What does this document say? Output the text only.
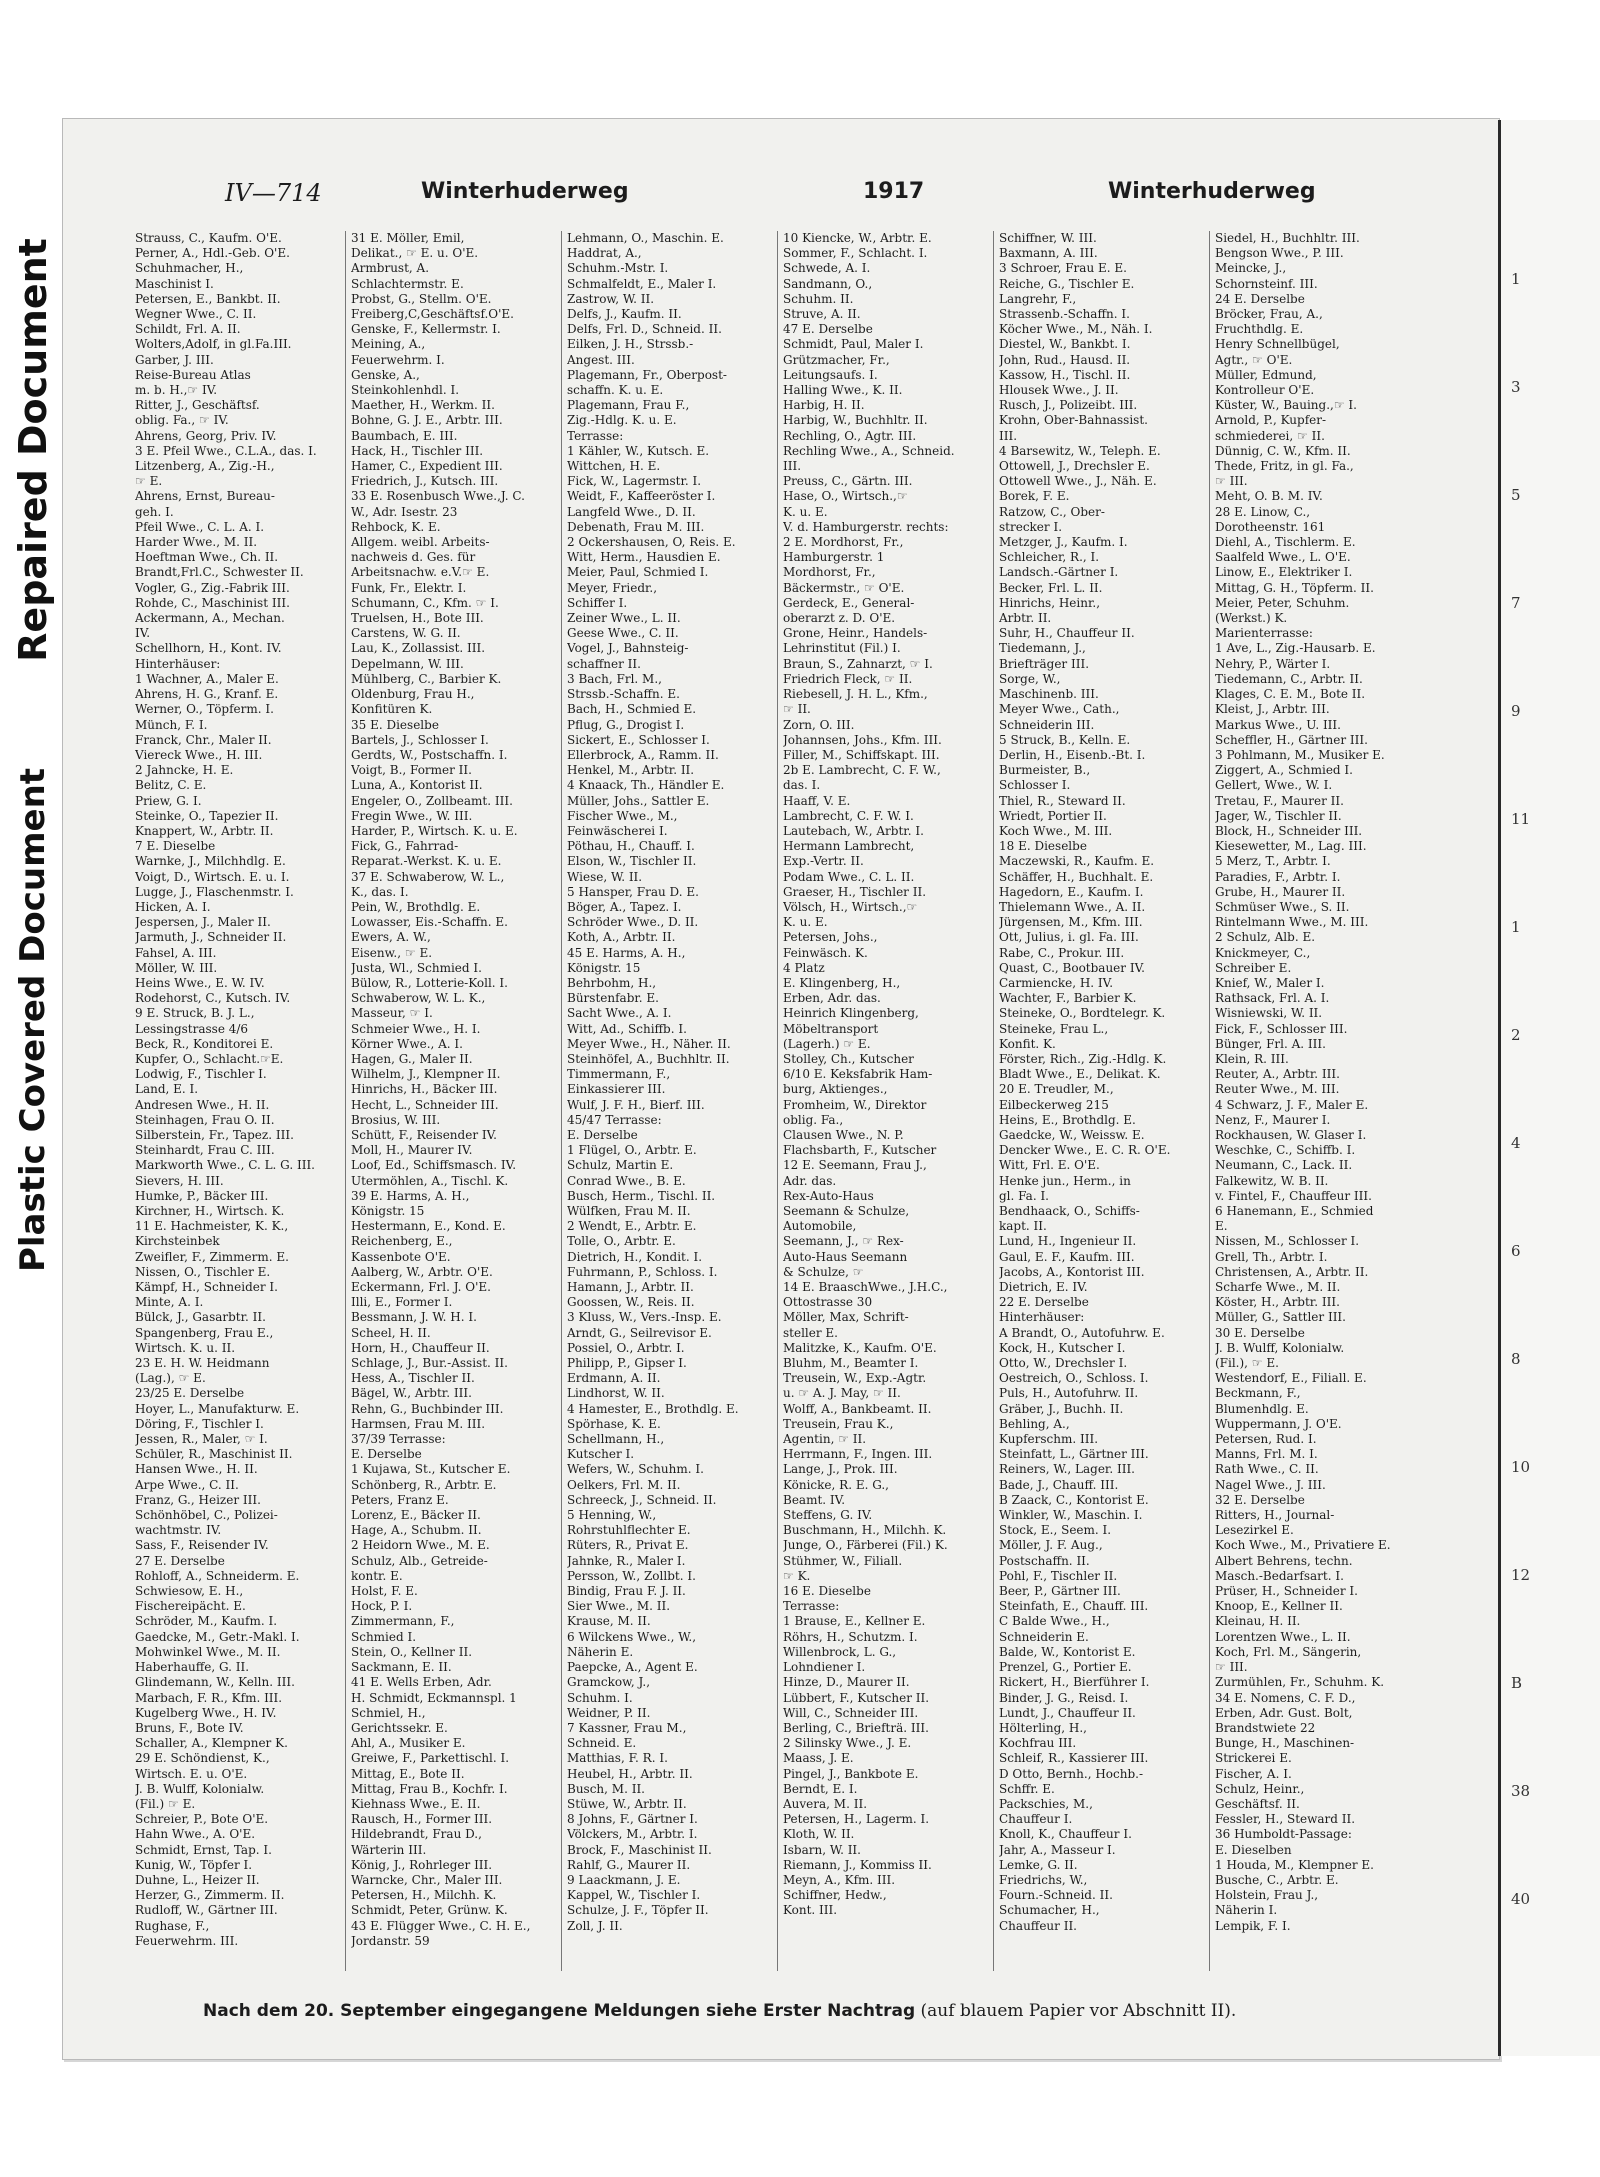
Repaired Document
Plastic Covered Document
IV—714	Winterhuderweg	1917	Winterhuderweg
Strauss, C., Kaufm. O'E.
Perner, A., Hdl.-Geb. O'E.
Schuhmacher, H.,
Maschinist I.
Petersen, E., Bankbt. II.
Wegner Wwe., C. II.
Schildt, Frl. A. II.
Wolters,Adolf, in gl.Fa.III.
Garber, J. III.
Reise-Bureau Atlas
m. b. H.,☞ IV.
Ritter, J., Geschäftsf.
oblig. Fa., ☞ IV.
Ahrens, Georg, Priv. IV.
3 E. Pfeil Wwe., C.L.A., das. I.
Litzenberg, A., Zig.-H.,
☞ E.
Ahrens, Ernst, Bureau-
geh. I.
Pfeil Wwe., C. L. A. I.
Harder Wwe., M. II.
Hoeftman Wwe., Ch. II.
Brandt,Frl.C., Schwester II.
Vogler, G., Zig.-Fabrik III.
Rohde, C., Maschinist III.
Ackermann, A., Mechan.
IV.
Schellhorn, H., Kont. IV.
Hinterhäuser:
1 Wachner, A., Maler E.
Ahrens, H. G., Kranf. E.
Werner, O., Töpferm. I.
Münch, F. I.
Franck, Chr., Maler II.
Viereck Wwe., H. III.
2 Jahncke, H. E.
Belitz, C. E.
Priew, G. I.
Steinke, O., Tapezier II.
Knappert, W., Arbtr. II.
7 E. Dieselbe
Warnke, J., Milchhdlg. E.
Voigt, D., Wirtsch. E. u. I.
Lugge, J., Flaschenmstr. I.
Hicken, A. I.
Jespersen, J., Maler II.
Jarmuth, J., Schneider II.
Fahsel, A. III.
Möller, W. III.
Heins Wwe., E. W. IV.
Rodehorst, C., Kutsch. IV.
9 E. Struck, B. J. L.,
Lessingstrasse 4/6
Beck, R., Konditorei E.
Kupfer, O., Schlacht.☞E.
Lodwig, F., Tischler I.
Land, E. I.
Andresen Wwe., H. II.
Steinhagen, Frau O. II.
Silberstein, Fr., Tapez. III.
Steinhardt, Frau C. III.
Markworth Wwe., C. L. G. III.
Sievers, H. III.
Humke, P., Bäcker III.
Kirchner, H., Wirtsch. K.
11 E. Hachmeister, K. K.,
Kirchsteinbek
Zweifler, F., Zimmerm. E.
Nissen, O., Tischler E.
Kämpf, H., Schneider I.
Minte, A. I.
Bülck, J., Gasarbtr. II.
Spangenberg, Frau E.,
Wirtsch. K. u. II.
23 E. H. W. Heidmann
(Lag.), ☞ E.
23/25 E. Derselbe
Hoyer, L., Manufakturw. E.
Döring, F., Tischler I.
Jessen, R., Maler, ☞ I.
Schüler, R., Maschinist II.
Hansen Wwe., H. II.
Arpe Wwe., C. II.
Franz, G., Heizer III.
Schönhöbel, C., Polizei-
wachtmstr. IV.
Sass, F., Reisender IV.
27 E. Derselbe
Rohloff, A., Schneiderm. E.
Schwiesow, E. H.,
Fischereipächt. E.
Schröder, M., Kaufm. I.
Gaedcke, M., Getr.-Makl. I.
Mohwinkel Wwe., M. II.
Haberhauffe, G. II.
Glindemann, W., Kelln. III.
Marbach, F. R., Kfm. III.
Kugelberg Wwe., H. IV.
Bruns, F., Bote IV.
Schaller, A., Klempner K.
29 E. Schöndienst, K.,
Wirtsch. E. u. O'E.
J. B. Wulff, Kolonialw.
(Fil.) ☞ E.
Schreier, P., Bote O'E.
Hahn Wwe., A. O'E.
Schmidt, Ernst, Tap. I.
Kunig, W., Töpfer I.
Duhne, L., Heizer II.
Herzer, G., Zimmerm. II.
Rudloff, W., Gärtner III.
Rughase, F.,
Feuerwehrm. III.
31 E. Möller, Emil,
Delikat., ☞ E. u. O'E.
Armbrust, A.
Schlachtermstr. E.
Probst, G., Stellm. O'E.
Freiberg,C,Geschäftsf.O'E.
Genske, F., Kellermstr. I.
Meining, A.,
Feuerwehrm. I.
Genske, A.,
Steinkohlenhdl. I.
Maether, H., Werkm. II.
Bohne, G. J. E., Arbtr. III.
Baumbach, E. III.
Hack, H., Tischler III.
Hamer, C., Expedient III.
Friedrich, J., Kutsch. III.
33 E. Rosenbusch Wwe.,J. C.
W., Adr. Isestr. 23
Rehbock, K. E.
Allgem. weibl. Arbeits-
nachweis d. Ges. für
Arbeitsnachw. e.V.☞ E.
Funk, Fr., Elektr. I.
Schumann, C., Kfm. ☞ I.
Truelsen, H., Bote III.
Carstens, W. G. II.
Lau, K., Zollassist. III.
Depelmann, W. III.
Mühlberg, C., Barbier K.
Oldenburg, Frau H.,
Konfitüren K.
35 E. Dieselbe
Bartels, J., Schlosser I.
Gerdts, W., Postschaffn. I.
Voigt, B., Former II.
Luna, A., Kontorist II.
Engeler, O., Zollbeamt. III.
Fregin Wwe., W. III.
Harder, P., Wirtsch. K. u. E.
Fick, G., Fahrrad-
Reparat.-Werkst. K. u. E.
37 E. Schwaberow, W. L.,
K., das. I.
Pein, W., Brothdlg. E.
Lowasser, Eis.-Schaffn. E.
Ewers, A. W.,
Eisenw., ☞ E.
Justa, Wl., Schmied I.
Bülow, R., Lotterie-Koll. I.
Schwaberow, W. L. K.,
Masseur, ☞ I.
Schmeier Wwe., H. I.
Körner Wwe., A. I.
Hagen, G., Maler II.
Wilhelm, J., Klempner II.
Hinrichs, H., Bäcker III.
Hecht, L., Schneider III.
Brosius, W. III.
Schütt, F., Reisender IV.
Moll, H., Maurer IV.
Loof, Ed., Schiffsmasch. IV.
Utermöhlen, A., Tischl. K.
39 E. Harms, A. H.,
Königstr. 15
Hestermann, E., Kond. E.
Reichenberg, E.,
Kassenbote O'E.
Aalberg, W., Arbtr. O'E.
Eckermann, Frl. J. O'E.
Illi, E., Former I.
Bessmann, J. W. H. I.
Scheel, H. II.
Horn, H., Chauffeur II.
Schlage, J., Bur.-Assist. II.
Hess, A., Tischler II.
Bägel, W., Arbtr. III.
Rehn, G., Buchbinder III.
Harmsen, Frau M. III.
37/39 Terrasse:
E. Derselbe
1 Kujawa, St., Kutscher E.
Schönberg, R., Arbtr. E.
Peters, Franz E.
Lorenz, E., Bäcker II.
Hage, A., Schubm. II.
2 Heidorn Wwe., M. E.
Schulz, Alb., Getreide-
kontr. E.
Holst, F. E.
Hock, P. I.
Zimmermann, F.,
Schmied I.
Stein, O., Kellner II.
Sackmann, E. II.
41 E. Wells Erben, Adr.
H. Schmidt, Eckmannspl. 1
Schmiel, H.,
Gerichtssekr. E.
Ahl, A., Musiker E.
Greiwe, F., Parkettischl. I.
Mittag, E., Bote II.
Mittag, Frau B., Kochfr. I.
Kiehnass Wwe., E. II.
Rausch, H., Former III.
Hildebrandt, Frau D.,
Wärterin III.
König, J., Rohrleger III.
Warncke, Chr., Maler III.
Petersen, H., Milchh. K.
Schmidt, Peter, Grünw. K.
43 E. Flügger Wwe., C. H. E.,
Jordanstr. 59
Lehmann, O., Maschin. E.
Haddrat, A.,
Schuhm.-Mstr. I.
Schmalfeldt, E., Maler I.
Zastrow, W. II.
Delfs, J., Kaufm. II.
Delfs, Frl. D., Schneid. II.
Eilken, J. H., Strssb.-
Angest. III.
Plagemann, Fr., Oberpost-
schaffn. K. u. E.
Plagemann, Frau F.,
Zig.-Hdlg. K. u. E.
Terrasse:
1 Kähler, W., Kutsch. E.
Wittchen, H. E.
Fick, W., Lagermstr. I.
Weidt, F., Kaffeeröster I.
Langfeld Wwe., D. II.
Debenath, Frau M. III.
2 Ockershausen, O, Reis. E.
Witt, Herm., Hausdien E.
Meier, Paul, Schmied I.
Meyer, Friedr.,
Schiffer I.
Zeiner Wwe., L. II.
Geese Wwe., C. II.
Vogel, J., Bahnsteig-
schaffner II.
3 Bach, Frl. M.,
Strssb.-Schaffn. E.
Bach, H., Schmied E.
Pflug, G., Drogist I.
Sickert, E., Schlosser I.
Ellerbrock, A., Ramm. II.
Henkel, M., Arbtr. II.
4 Knaack, Th., Händler E.
Müller, Johs., Sattler E.
Fischer Wwe., M.,
Feinwäscherei I.
Pöthau, H., Chauff. I.
Elson, W., Tischler II.
Wiese, W. II.
5 Hansper, Frau D. E.
Böger, A., Tapez. I.
Schröder Wwe., D. II.
Koth, A., Arbtr. II.
45 E. Harms, A. H.,
Königstr. 15
Behrbohm, H.,
Bürstenfabr. E.
Sacht Wwe., A. I.
Witt, Ad., Schiffb. I.
Meyer Wwe., H., Näher. II.
Steinhöfel, A., Buchhltr. II.
Timmermann, F.,
Einkassierer III.
Wulf, J. F. H., Bierf. III.
45/47 Terrasse:
E. Derselbe
1 Flügel, O., Arbtr. E.
Schulz, Martin E.
Conrad Wwe., B. E.
Busch, Herm., Tischl. II.
Wülfken, Frau M. II.
2 Wendt, E., Arbtr. E.
Tolle, O., Arbtr. E.
Dietrich, H., Kondit. I.
Fuhrmann, P., Schloss. I.
Hamann, J., Arbtr. II.
Goossen, W., Reis. II.
3 Kluss, W., Vers.-Insp. E.
Arndt, G., Seilrevisor E.
Possiel, O., Arbtr. I.
Philipp, P., Gipser I.
Erdmann, A. II.
Lindhorst, W. II.
4 Hamester, E., Brothdlg. E.
Spörhase, K. E.
Schellmann, H.,
Kutscher I.
Wefers, W., Schuhm. I.
Oelkers, Frl. M. II.
Schreeck, J., Schneid. II.
5 Henning, W.,
Rohrstuhlflechter E.
Rüters, R., Privat E.
Jahnke, R., Maler I.
Persson, W., Zollbt. I.
Bindig, Frau F. J. II.
Sier Wwe., M. II.
Krause, M. II.
6 Wilckens Wwe., W.,
Näherin E.
Paepcke, A., Agent E.
Gramckow, J.,
Schuhm. I.
Weidner, P. II.
7 Kassner, Frau M.,
Schneid. E.
Matthias, F. R. I.
Heubel, H., Arbtr. II.
Busch, M. II.
Stüwe, W., Arbtr. II.
8 Johns, F., Gärtner I.
Völckers, M., Arbtr. I.
Brock, F., Maschinist II.
Rahlf, G., Maurer II.
9 Laackmann, J. E.
Kappel, W., Tischler I.
Schulze, J. F., Töpfer II.
Zoll, J. II.
10 Kiencke, W., Arbtr. E.
Sommer, F., Schlacht. I.
Schwede, A. I.
Sandmann, O.,
Schuhm. II.
Struve, A. II.
47 E. Derselbe
Schmidt, Paul, Maler I.
Grützmacher, Fr.,
Leitungsaufs. I.
Halling Wwe., K. II.
Harbig, H. II.
Harbig, W., Buchhltr. II.
Rechling, O., Agtr. III.
Rechling Wwe., A., Schneid.
III.
Preuss, C., Gärtn. III.
Hase, O., Wirtsch.,☞
K. u. E.
V. d. Hamburgerstr. rechts:
2 E. Mordhorst, Fr.,
Hamburgerstr. 1
Mordhorst, Fr.,
Bäckermstr., ☞ O'E.
Gerdeck, E., General-
oberarzt z. D. O'E.
Grone, Heinr., Handels-
Lehrinstitut (Fil.) I.
Braun, S., Zahnarzt, ☞ I.
Friedrich Fleck, ☞ II.
Riebesell, J. H. L., Kfm.,
☞ II.
Zorn, O. III.
Johannsen, Johs., Kfm. III.
Filler, M., Schiffskapt. III.
2b E. Lambrecht, C. F. W.,
das. I.
Haaff, V. E.
Lambrecht, C. F. W. I.
Lautebach, W., Arbtr. I.
Hermann Lambrecht,
Exp.-Vertr. II.
Podam Wwe., C. L. II.
Graeser, H., Tischler II.
Völsch, H., Wirtsch.,☞
K. u. E.
Petersen, Johs.,
Feinwäsch. K.
4 Platz
E. Klingenberg, H.,
Erben, Adr. das.
Heinrich Klingenberg,
Möbeltransport
(Lagerh.) ☞ E.
Stolley, Ch., Kutscher
6/10 E. Keksfabrik Ham-
burg, Aktienges.,
Fromheim, W., Direktor
oblig. Fa.,
Clausen Wwe., N. P.
Flachsbarth, F., Kutscher
12 E. Seemann, Frau J.,
Adr. das.
Rex-Auto-Haus
Seemann & Schulze,
Automobile,
Seemann, J., ☞ Rex-
Auto-Haus Seemann
& Schulze, ☞
14 E. BraaschWwe., J.H.C.,
Ottostrasse 30
Möller, Max, Schrift-
steller E.
Malitzke, K., Kaufm. O'E.
Bluhm, M., Beamter I.
Treusein, W., Exp.-Agtr.
u. ☞ A. J. May, ☞ II.
Wolff, A., Bankbeamt. II.
Treusein, Frau K.,
Agentin, ☞ II.
Herrmann, F., Ingen. III.
Lange, J., Prok. III.
Könicke, R. E. G.,
Beamt. IV.
Steffens, G. IV.
Buschmann, H., Milchh. K.
Junge, O., Färberei (Fil.) K.
Stühmer, W., Filiall.
☞ K.
16 E. Dieselbe
Terrasse:
1 Brause, E., Kellner E.
Röhrs, H., Schutzm. I.
Willenbrock, L. G.,
Lohndiener I.
Hinze, D., Maurer II.
Lübbert, F., Kutscher II.
Will, C., Schneider III.
Berling, C., Briefträ. III.
2 Silinsky Wwe., J. E.
Maass, J. E.
Pingel, J., Bankbote E.
Berndt, E. I.
Auvera, M. II.
Petersen, H., Lagerm. I.
Kloth, W. II.
Isbarn, W. II.
Riemann, J., Kommiss II.
Meyn, A., Kfm. III.
Schiffner, Hedw.,
Kont. III.
Schiffner, W. III.
Baxmann, A. III.
3 Schroer, Frau E. E.
Reiche, G., Tischler E.
Langrehr, F.,
Strassenb.-Schaffn. I.
Köcher Wwe., M., Näh. I.
Diestel, W., Bankbt. I.
John, Rud., Hausd. II.
Kassow, H., Tischl. II.
Hlousek Wwe., J. II.
Rusch, J., Polizeibt. III.
Krohn, Ober-Bahnassist.
III.
4 Barsewitz, W., Teleph. E.
Ottowell, J., Drechsler E.
Ottowell Wwe., J., Näh. E.
Borek, F. E.
Ratzow, C., Ober-
strecker I.
Metzger, J., Kaufm. I.
Schleicher, R., I.
Landsch.-Gärtner I.
Becker, Frl. L. II.
Hinrichs, Heinr.,
Arbtr. II.
Suhr, H., Chauffeur II.
Tiedemann, J.,
Briefträger III.
Sorge, W.,
Maschinenb. III.
Meyer Wwe., Cath.,
Schneiderin III.
5 Struck, B., Kelln. E.
Derlin, H., Eisenb.-Bt. I.
Burmeister, B.,
Schlosser I.
Thiel, R., Steward II.
Wriedt, Portier II.
Koch Wwe., M. III.
18 E. Dieselbe
Maczewski, R., Kaufm. E.
Schäffer, H., Buchhalt. E.
Hagedorn, E., Kaufm. I.
Thielemann Wwe., A. II.
Jürgensen, M., Kfm. III.
Ott, Julius, i. gl. Fa. III.
Rabe, C., Prokur. III.
Quast, C., Bootbauer IV.
Carmiencke, H. IV.
Wachter, F., Barbier K.
Steineke, O., Bordtelegr. K.
Steineke, Frau L.,
Konfit. K.
Förster, Rich., Zig.-Hdlg. K.
Bladt Wwe., E., Delikat. K.
20 E. Treudler, M.,
Eilbeckerweg 215
Heins, E., Brothdlg. E.
Gaedcke, W., Weissw. E.
Dencker Wwe., E. C. R. O'E.
Witt, Frl. E. O'E.
Henke jun., Herm., in
gl. Fa. I.
Bendhaack, O., Schiffs-
kapt. II.
Lund, H., Ingenieur II.
Gaul, E. F., Kaufm. III.
Jacobs, A., Kontorist III.
Dietrich, E. IV.
22 E. Derselbe
Hinterhäuser:
A Brandt, O., Autofuhrw. E.
Kock, H., Kutscher I.
Otto, W., Drechsler I.
Oestreich, O., Schloss. I.
Puls, H., Autofuhrw. II.
Gräber, J., Buchh. II.
Behling, A.,
Kupferschm. III.
Steinfatt, L., Gärtner III.
Reiners, W., Lager. III.
Bade, J., Chauff. III.
B Zaack, C., Kontorist E.
Winkler, W., Maschin. I.
Stock, E., Seem. I.
Möller, J. F. Aug.,
Postschaffn. II.
Pohl, F., Tischler II.
Beer, P., Gärtner III.
Steinfath, E., Chauff. III.
C Balde Wwe., H.,
Schneiderin E.
Balde, W., Kontorist E.
Prenzel, G., Portier E.
Rickert, H., Bierführer I.
Binder, J. G., Reisd. I.
Lundt, J., Chauffeur II.
Hölterling, H.,
Kochfrau III.
Schleif, R., Kassierer III.
D Otto, Bernh., Hochb.-
Schffr. E.
Packschies, M.,
Chauffeur I.
Knoll, K., Chauffeur I.
Jahr, A., Masseur I.
Lemke, G. II.
Friedrichs, W.,
Fourn.-Schneid. II.
Schumacher, H.,
Chauffeur II.
Siedel, H., Buchhltr. III.
Bengson Wwe., P. III.
Meincke, J.,
Schornsteinf. III.
24 E. Derselbe
Bröcker, Frau, A.,
Fruchthdlg. E.
Henry Schnellbügel,
Agtr., ☞ O'E.
Müller, Edmund,
Kontrolleur O'E.
Küster, W., Bauing.,☞ I.
Arnold, P., Kupfer-
schmiederei, ☞ II.
Dünnig, C. W., Kfm. II.
Thede, Fritz, in gl. Fa.,
☞ III.
Meht, O. B. M. IV.
28 E. Linow, C.,
Dorotheenstr. 161
Diehl, A., Tischlerm. E.
Saalfeld Wwe., L. O'E.
Linow, E., Elektriker I.
Mittag, G. H., Töpferm. II.
Meier, Peter, Schuhm.
(Werkst.) K.
Marienterrasse:
1 Ave, L., Zig.-Hausarb. E.
Nehry, P., Wärter I.
Tiedemann, C., Arbtr. II.
Klages, C. E. M., Bote II.
Kleist, J., Arbtr. III.
Markus Wwe., U. III.
Scheffler, H., Gärtner III.
3 Pohlmann, M., Musiker E.
Ziggert, A., Schmied I.
Gellert, Wwe., W. I.
Tretau, F., Maurer II.
Jager, W., Tischler II.
Block, H., Schneider III.
Kiesewetter, M., Lag. III.
5 Merz, T., Arbtr. I.
Paradies, F., Arbtr. I.
Grube, H., Maurer II.
Schmüser Wwe., S. II.
Rintelmann Wwe., M. III.
2 Schulz, Alb. E.
Knickmeyer, C.,
Schreiber E.
Knief, W., Maler I.
Rathsack, Frl. A. I.
Wisniewski, W. II.
Fick, F., Schlosser III.
Bünger, Frl. A. III.
Klein, R. III.
Reuter, A., Arbtr. III.
Reuter Wwe., M. III.
4 Schwarz, J. F., Maler E.
Nenz, F., Maurer I.
Rockhausen, W. Glaser I.
Weschke, C., Schiffb. I.
Neumann, C., Lack. II.
Falkewitz, W. B. II.
v. Fintel, F., Chauffeur III.
6 Hanemann, E., Schmied
E.
Nissen, M., Schlosser I.
Grell, Th., Arbtr. I.
Christensen, A., Arbtr. II.
Scharfe Wwe., M. II.
Köster, H., Arbtr. III.
Müller, G., Sattler III.
30 E. Derselbe
J. B. Wulff, Kolonialw.
(Fil.), ☞ E.
Westendorf, E., Filiall. E.
Beckmann, F.,
Blumenhdlg. E.
Wuppermann, J. O'E.
Petersen, Rud. I.
Manns, Frl. M. I.
Rath Wwe., C. II.
Nagel Wwe., J. III.
32 E. Derselbe
Ritters, H., Journal-
Lesezirkel E.
Koch Wwe., M., Privatiere E.
Albert Behrens, techn.
Masch.-Bedarfsart. I.
Prüser, H., Schneider I.
Knoop, E., Kellner II.
Kleinau, H. II.
Lorentzen Wwe., L. II.
Koch, Frl. M., Sängerin,
☞ III.
Zurmühlen, Fr., Schuhm. K.
34 E. Nomens, C. F. D.,
Erben, Adr. Gust. Bolt,
Brandstwiete 22
Bunge, H., Maschinen-
Strickerei E.
Fischer, A. I.
Schulz, Heinr.,
Geschäftsf. II.
Fessler, H., Steward II.
36 Humboldt-Passage:
E. Dieselben
1 Houda, M., Klempner E.
Busche, C., Arbtr. E.
Holstein, Frau J.,
Näherin I.
Lempik, F. I.
Nach dem 20. September eingegangene Meldungen siehe Erster Nachtrag (auf blauem Papier vor Abschnitt II).
1
3
5
7
9
11
1
2
4
6
8
10
12
B
38
40
